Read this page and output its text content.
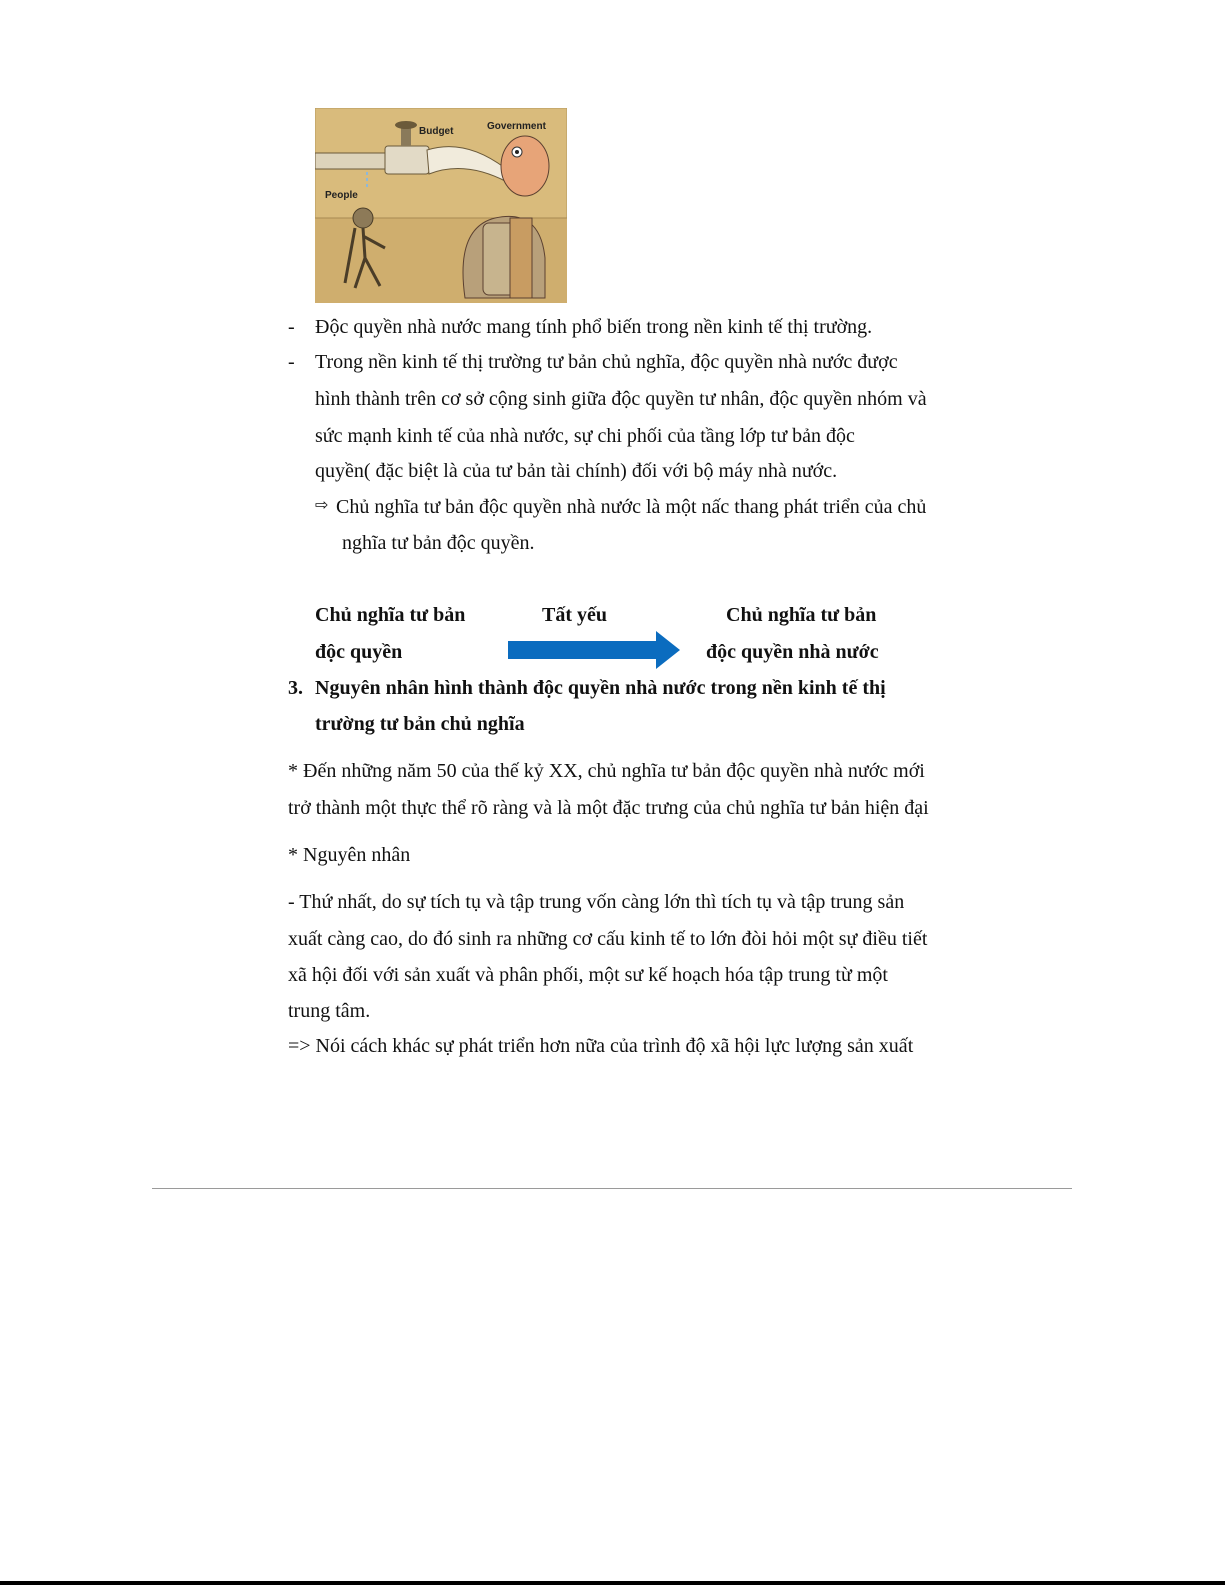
Budget	Government
People
- Độc quyền nhà nước mang tính phổ biến trong nền kinh tế thị trường.
- Trong nền kinh tế thị trường tư bản chủ nghĩa, độc quyền nhà nước được
hình thành trên cơ sở cộng sinh giữa độc quyền tư nhân, độc quyền nhóm và
sức mạnh kinh tế của nhà nước, sự chi phối của tầng lớp tư bản độc
quyền( đặc biệt là của tư bản tài chính) đối với bộ máy nhà nước.
⇨ Chủ nghĩa tư bản độc quyền nhà nước là một nấc thang phát triển của chủ
nghĩa tư bản độc quyền.
Chủ nghĩa tư bản
độc quyền
Tất yếu	Chủ nghĩa tư bản
độc quyền nhà nước
3. Nguyên nhân hình thành độc quyền nhà nước trong nền kinh tế thị
trường tư bản chủ nghĩa
* Đến những năm 50 của thế kỷ XX, chủ nghĩa tư bản độc quyền nhà nước mới
trở thành một thực thể rõ ràng và là một đặc trưng của chủ nghĩa tư bản hiện đại
* Nguyên nhân
- Thứ nhất, do sự tích tụ và tập trung vốn càng lớn thì tích tụ và tập trung sản
xuất càng cao, do đó sinh ra những cơ cấu kinh tế to lớn đòi hỏi một sự điều tiết
xã hội đối với sản xuất và phân phối, một sư kế hoạch hóa tập trung từ một
trung tâm.
=> Nói cách khác sự phát triển hơn nữa của trình độ xã hội lực lượng sản xuất
